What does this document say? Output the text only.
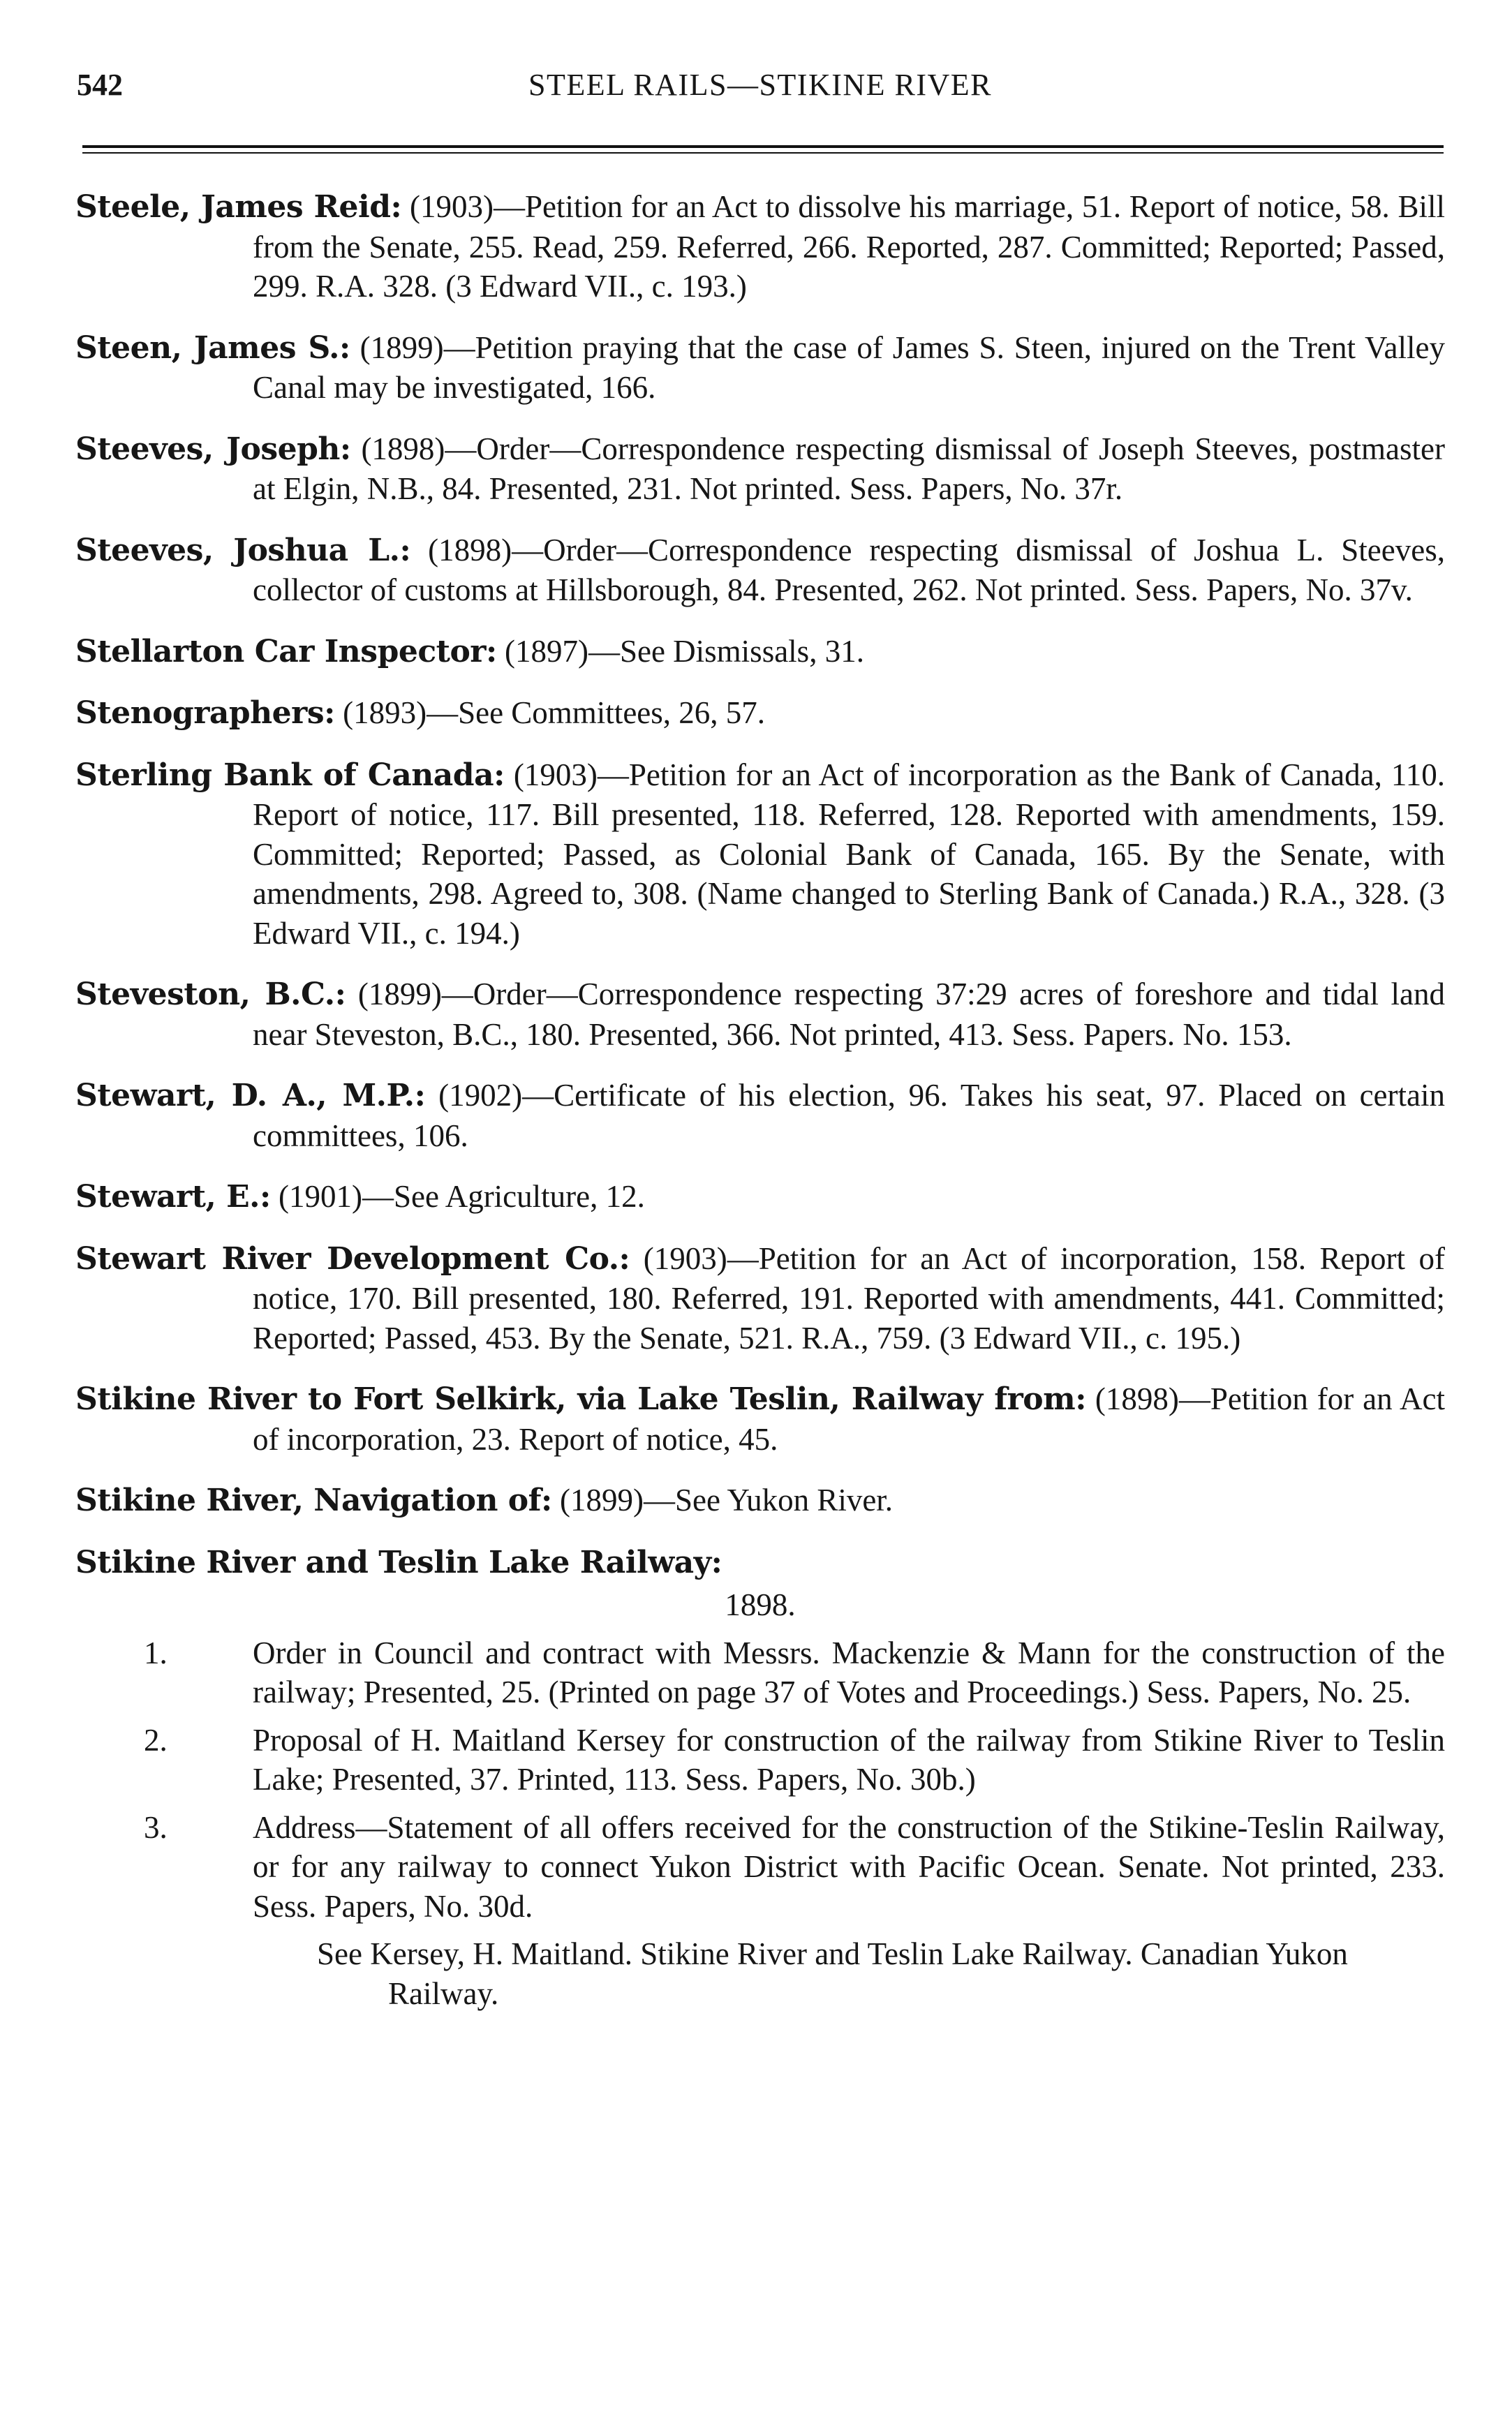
542	STEEL RAILS—STIKINE RIVER

Steele, James Reid: (1903)—Petition for an Act to dissolve his marriage, 51. Report of notice, 58. Bill from the Senate, 255. Read, 259. Referred, 266. Reported, 287. Committed; Reported; Passed, 299. R.A. 328. (3 Edward VII., c. 193.)

Steen, James S.: (1899)—Petition praying that the case of James S. Steen, injured on the Trent Valley Canal may be investigated, 166.

Steeves, Joseph: (1898)—Order—Correspondence respecting dismissal of Joseph Steeves, postmaster at Elgin, N.B., 84. Presented, 231. Not printed. Sess. Papers, No. 37r.

Steeves, Joshua L.: (1898)—Order—Correspondence respecting dismissal of Joshua L. Steeves, collector of customs at Hillsborough, 84. Presented, 262. Not printed. Sess. Papers, No. 37v.

Stellarton Car Inspector: (1897)—See Dismissals, 31.

Stenographers: (1893)—See Committees, 26, 57.

Sterling Bank of Canada: (1903)—Petition for an Act of incorporation as the Bank of Canada, 110. Report of notice, 117. Bill presented, 118. Referred, 128. Reported with amendments, 159. Committed; Reported; Passed, as Colonial Bank of Canada, 165. By the Senate, with amendments, 298. Agreed to, 308. (Name changed to Sterling Bank of Canada.) R.A., 328. (3 Edward VII., c. 194.)

Steveston, B.C.: (1899)—Order—Correspondence respecting 37:29 acres of foreshore and tidal land near Steveston, B.C., 180. Presented, 366. Not printed, 413. Sess. Papers. No. 153.

Stewart, D. A., M.P.: (1902)—Certificate of his election, 96. Takes his seat, 97. Placed on certain committees, 106.

Stewart, E.: (1901)—See Agriculture, 12.

Stewart River Development Co.: (1903)—Petition for an Act of incorporation, 158. Report of notice, 170. Bill presented, 180. Referred, 191. Reported with amendments, 441. Committed; Reported; Passed, 453. By the Senate, 521. R.A., 759. (3 Edward VII., c. 195.)

Stikine River to Fort Selkirk, via Lake Teslin, Railway from: (1898)—Petition for an Act of incorporation, 23. Report of notice, 45.

Stikine River, Navigation of: (1899)—See Yukon River.

Stikine River and Teslin Lake Railway:

1898.

1.	Order in Council and contract with Messrs. Mackenzie & Mann for the construction of the railway; Presented, 25. (Printed on page 37 of Votes and Proceedings.) Sess. Papers, No. 25.

2.	Proposal of H. Maitland Kersey for construction of the railway from Stikine River to Teslin Lake; Presented, 37. Printed, 113. Sess. Papers, No. 30b.)

3.	Address—Statement of all offers received for the construction of the Stikine-Teslin Railway, or for any railway to connect Yukon District with Pacific Ocean. Senate. Not printed, 233. Sess. Papers, No. 30d.

See Kersey, H. Maitland. Stikine River and Teslin Lake Railway. Canadian Yukon Railway.
